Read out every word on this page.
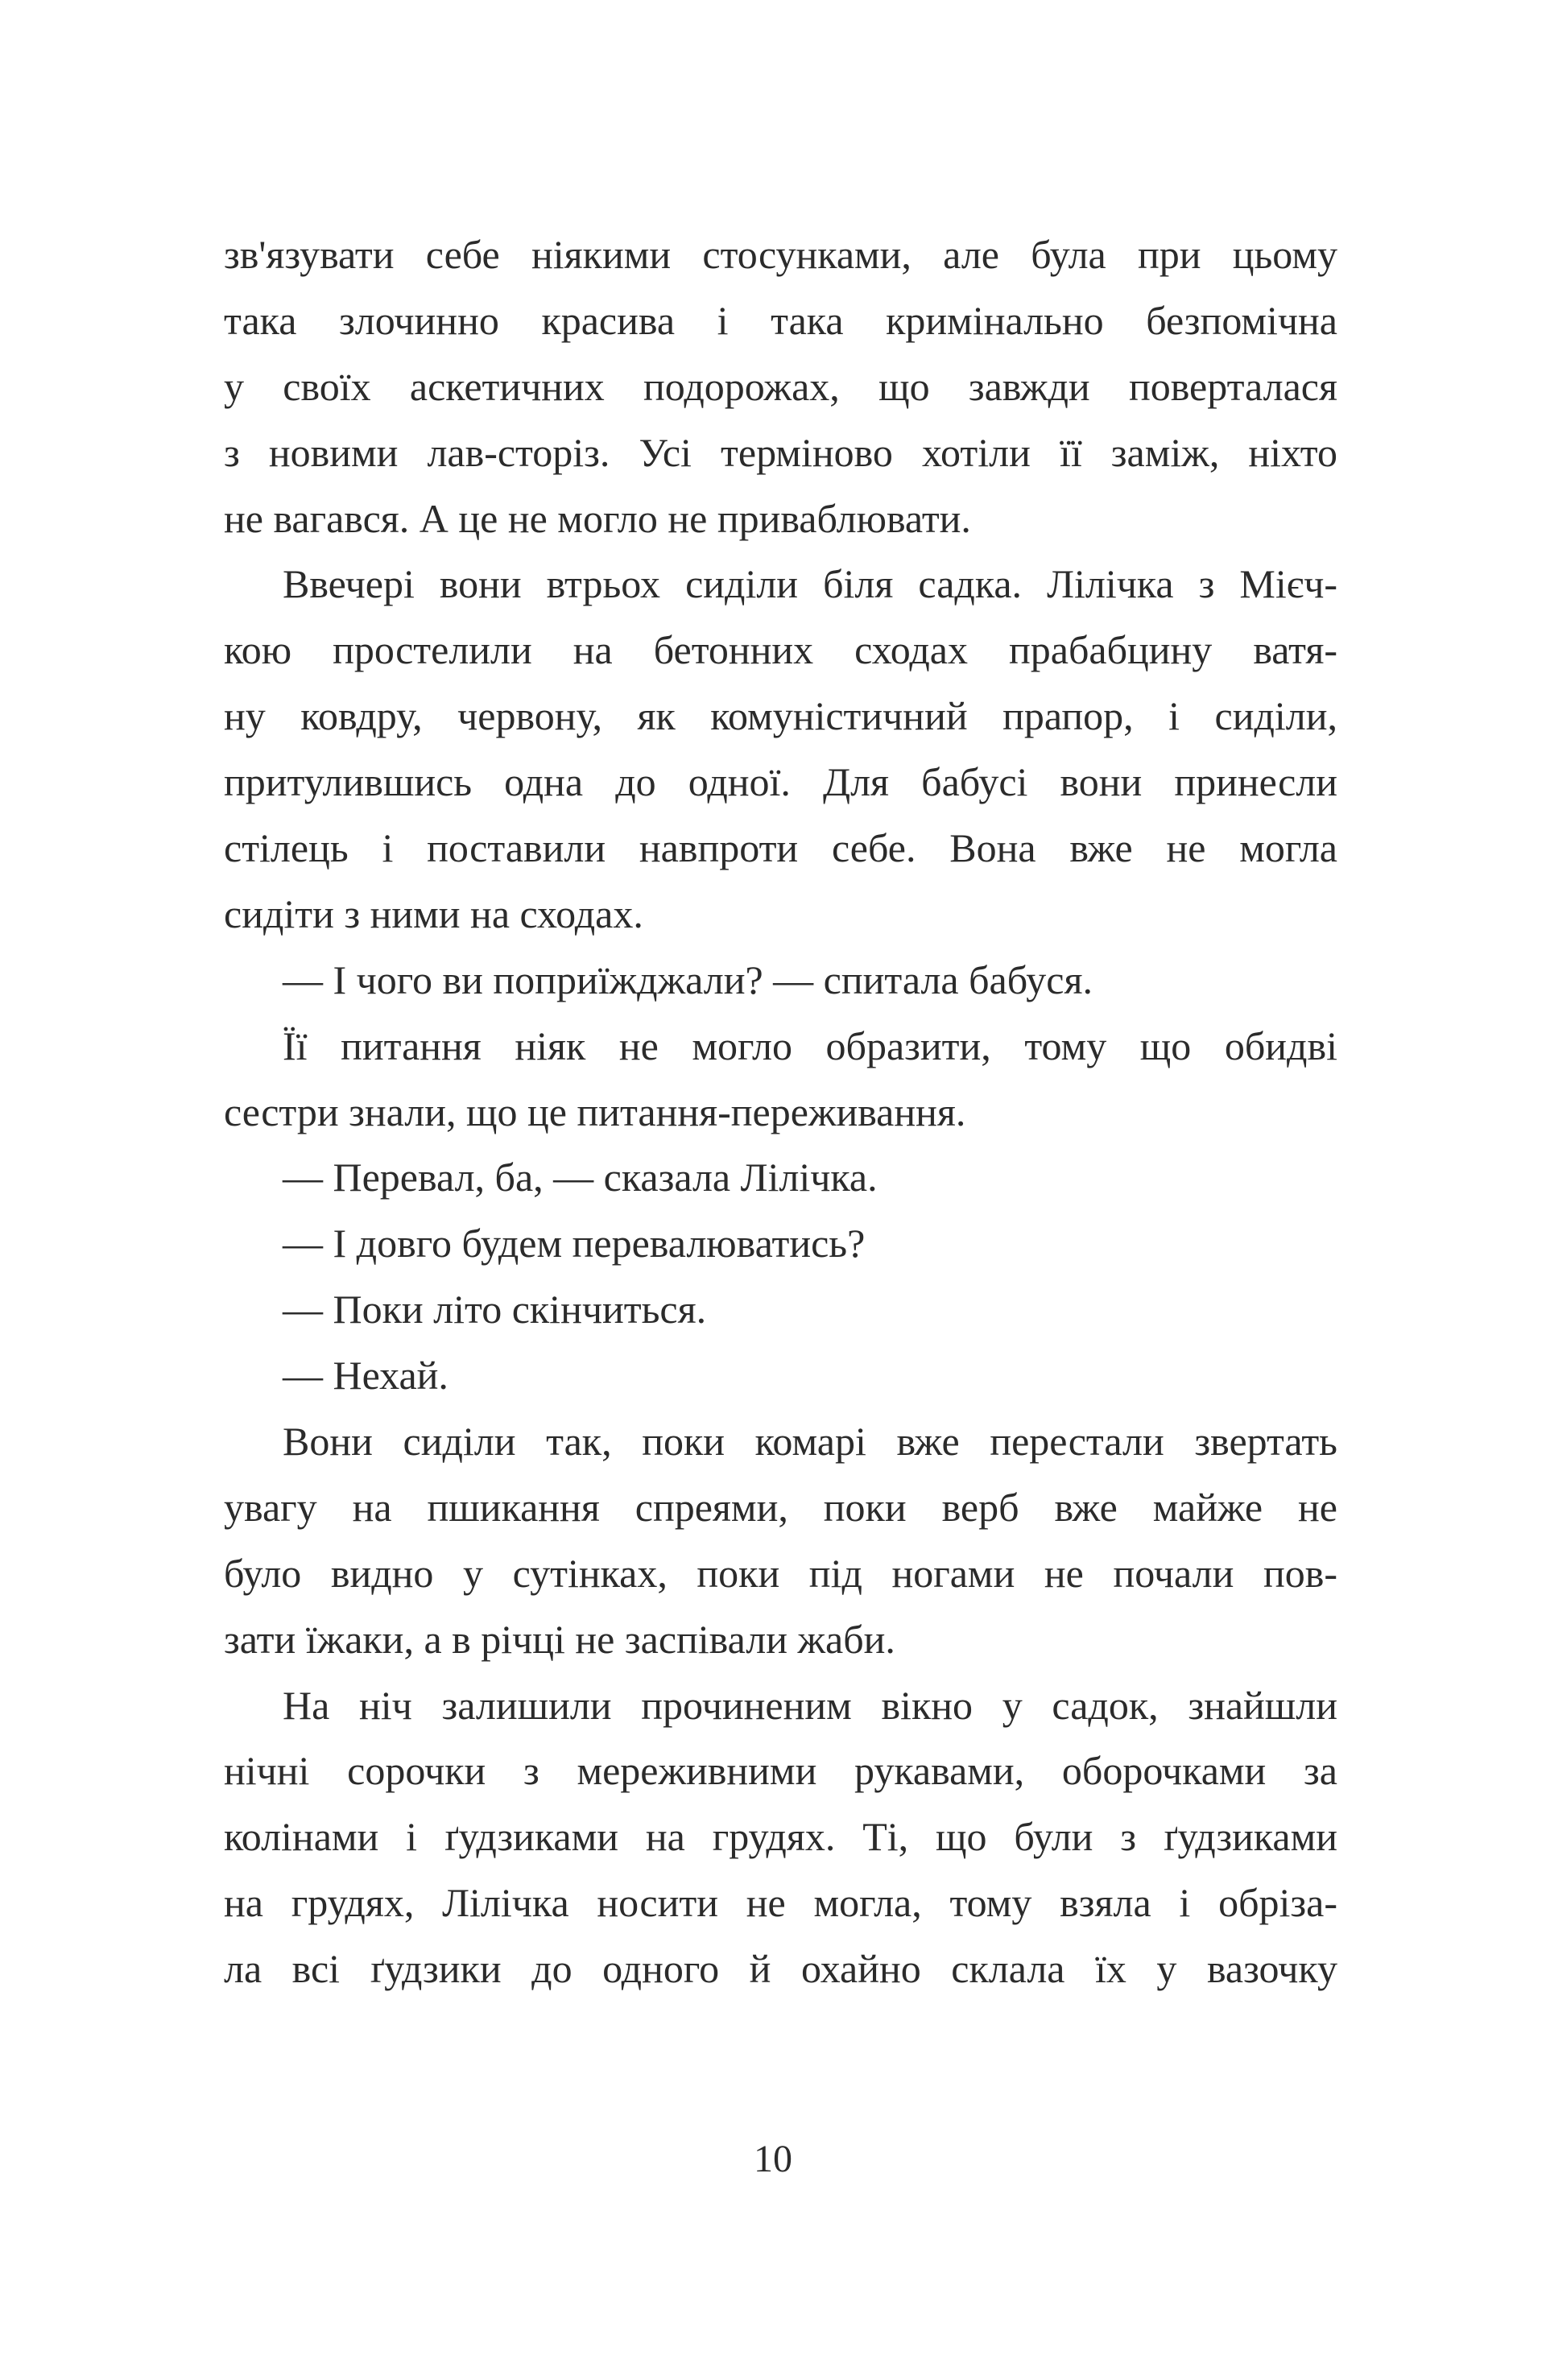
зв'язувати себе ніякими стосунками, але була при цьому
така злочинно красива і така кримінально безпомічна
у своїх аскетичних подорожах, що завжди поверталася
з новими лав-сторіз. Усі терміново хотіли її заміж, ніхто
не вагався. А це не могло не приваблювати.
Ввечері вони втрьох сиділи біля садка. Лілічка з Мієч-
кою простелили на бетонних сходах прабабцину ватя-
ну ковдру, червону, як комуністичний прапор, і сиділи,
притулившись одна до одної. Для бабусі вони принесли
стілець і поставили навпроти себе. Вона вже не могла
сидіти з ними на сходах.
— І чого ви поприїжджали? — спитала бабуся.
Її питання ніяк не могло образити, тому що обидві
сестри знали, що це питання-переживання.
— Перевал, ба, — сказала Лілічка.
— І довго будем перевалюватись?
— Поки літо скінчиться.
— Нехай.
Вони сиділи так, поки комарі вже перестали звертать
увагу на пшикання спреями, поки верб вже майже не
було видно у сутінках, поки під ногами не почали пов-
зати їжаки, а в річці не заспівали жаби.
На ніч залишили прочиненим вікно у садок, знайшли
нічні сорочки з мереживними рукавами, оборочками за
колінами і ґудзиками на грудях. Ті, що були з ґудзиками
на грудях, Лілічка носити не могла, тому взяла і обріза-
ла всі ґудзики до одного й охайно склала їх у вазочку
10
